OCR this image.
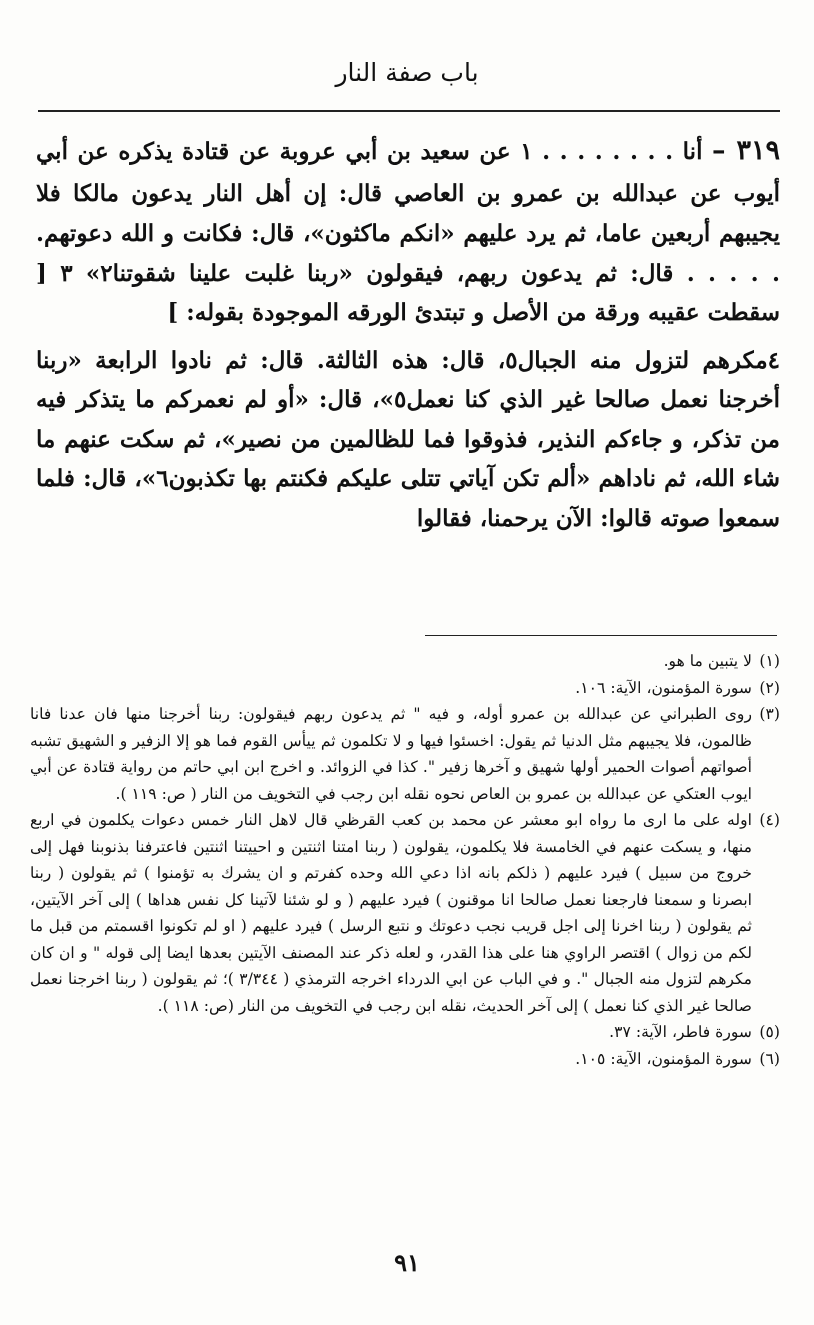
باب صفة النار

٣١٩ – أنا . . . . . . . . ١ عن سعيد بن أبي عروبة عن قتادة يذكره عن أبي أيوب عن عبدالله بن عمرو بن العاصي قال: إن أهل النار يدعون مالكا فلا يجيبهم أربعين عاما، ثم يرد عليهم «انكم ماكثون»، قال: فكانت و الله دعوتهم. . . . . . قال: ثم يدعون ربهم، فيقولون «ربنا غلبت علينا شقوتنا٢» ٣ [ سقطت عقيبه ورقة من الأصل و تبتدئ الورقه الموجودة بقوله: ]

٤مكرهم لتزول منه الجبال٥، قال: هذه الثالثة. قال: ثم نادوا الرابعة «ربنا أخرجنا نعمل صالحا غير الذي كنا نعمل٥»، قال: «أو لم نعمركم ما يتذكر فيه من تذكر، و جاءكم النذير، فذوقوا فما للظالمين من نصير»، ثم سكت عنهم ما شاء الله، ثم ناداهم «ألم تكن آياتي تتلى عليكم فكنتم بها تكذبون٦»، قال: فلما سمعوا صوته قالوا: الآن يرحمنا، فقالوا

(١)
لا يتبين ما هو.
(٢)
سورة المؤمنون، الآية: ١٠٦.
(٣)
روى الطبراني عن عبدالله بن عمرو أوله، و فيه " ثم يدعون ربهم فيقولون: ربنا أخرجنا منها فان عدنا فانا ظالمون، فلا يجيبهم مثل الدنيا ثم يقول: اخسئوا فيها و لا تكلمون ثم ييأس القوم فما هو إلا الزفير و الشهيق تشبه أصواتهم أصوات الحمير أولها شهيق و آخرها زفير ". كذا في الزوائد. و اخرج ابن ابي حاتم من رواية قتادة عن أبي ايوب العتكي عن عبدالله بن عمرو بن العاص نحوه نقله ابن رجب في التخويف من النار ( ص: ١١٩ ).
(٤)
اوله على ما ارى ما رواه ابو معشر عن محمد بن كعب القرظي قال لاهل النار خمس دعوات يكلمون في اربع منها، و يسكت عنهم في الخامسة فلا يكلمون، يقولون ( ربنا امتنا اثنتين و احييتنا اثنتين فاعترفنا بذنوبنا فهل إلى خروج من سبيل ) فيرد عليهم ( ذلكم بانه اذا دعي الله وحده كفرتم و ان يشرك به تؤمنوا ) ثم يقولون ( ربنا ابصرنا و سمعنا فارجعنا نعمل صالحا انا موقنون ) فيرد عليهم ( و لو شئنا لآتينا كل نفس هداها ) إلى آخر الآيتين، ثم يقولون ( ربنا اخرنا إلى اجل قريب نجب دعوتك و نتبع الرسل ) فيرد عليهم ( او لم تكونوا اقسمتم من قبل ما لكم من زوال ) اقتصر الراوي هنا على هذا القدر، و لعله ذكر عند المصنف الآيتين بعدها ايضا إلى قوله " و ان كان مكرهم لتزول منه الجبال ". و في الباب عن ابي الدرداء اخرجه الترمذي ( ٣/٣٤٤ )؛ ثم يقولون ( ربنا اخرجنا نعمل صالحا غير الذي كنا نعمل ) إلى آخر الحديث، نقله ابن رجب في التخويف من النار (ص: ١١٨ ).
(٥)
سورة فاطر، الآية: ٣٧.
(٦)
سورة المؤمنون، الآية: ١٠٥.
٩١
